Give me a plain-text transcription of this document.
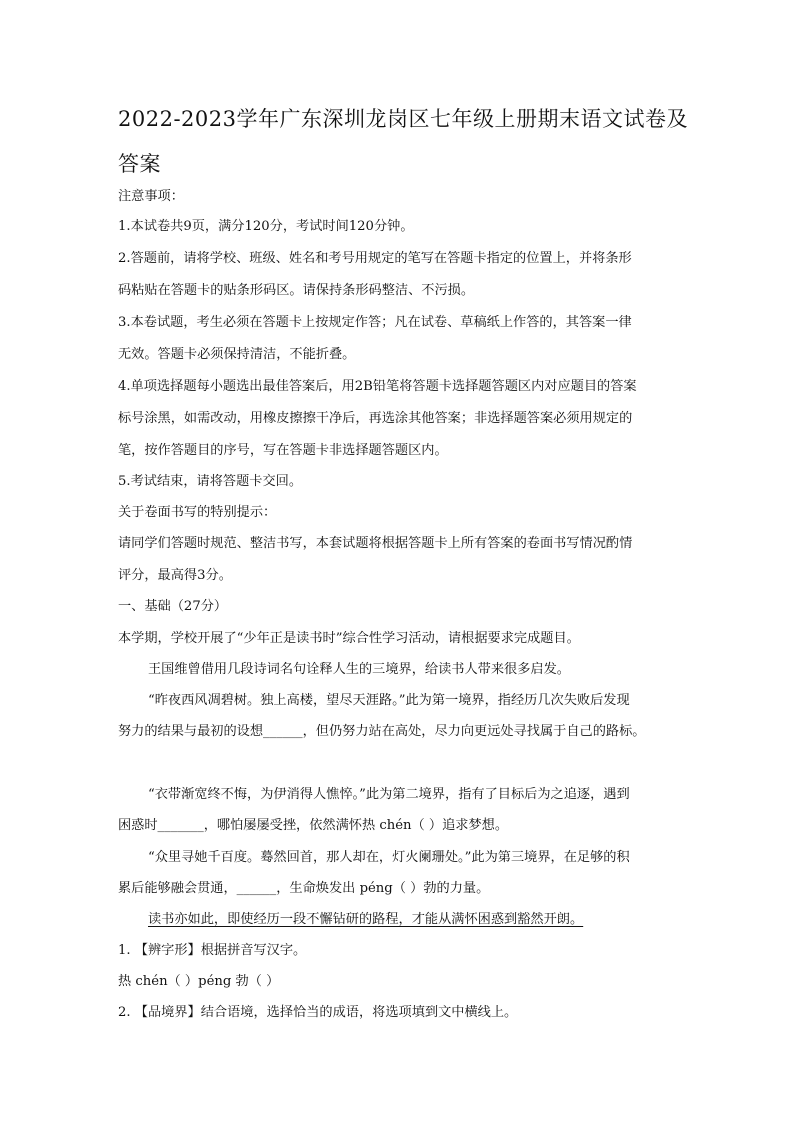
2022-2023学年广东深圳龙岗区七年级上册期末语文试卷及答案
注意事项：
1.本试卷共9页，满分120分，考试时间120分钟。
2.答题前，请将学校、班级、姓名和考号用规定的笔写在答题卡指定的位置上，并将条形
码粘贴在答题卡的贴条形码区。请保持条形码整洁、不污损。
3.本卷试题，考生必须在答题卡上按规定作答；凡在试卷、草稿纸上作答的，其答案一律
无效。答题卡必须保持清洁，不能折叠。
4.单项选择题每小题选出最佳答案后，用2B铅笔将答题卡选择题答题区内对应题目的答案
标号涂黑，如需改动，用橡皮擦擦干净后，再选涂其他答案；非选择题答案必须用规定的
笔，按作答题目的序号，写在答题卡非选择题答题区内。
5.考试结束，请将答题卡交回。
关于卷面书写的特别提示：
请同学们答题时规范、整洁书写，本套试题将根据答题卡上所有答案的卷面书写情况酌情
评分，最高得3分。
一、基础（27分）
本学期，学校开展了“少年正是读书时”综合性学习活动，请根据要求完成题目。
王国维曾借用几段诗词名句诠释人生的三境界，给读书人带来很多启发。
“昨夜西风凋碧树。独上高楼，望尽天涯路。”此为第一境界，指经历几次失败后发现
努力的结果与最初的设想______，但仍努力站在高处，尽力向更远处寻找属于自己的路标。
“衣带渐宽终不悔，为伊消得人憔悴。”此为第二境界，指有了目标后为之追逐，遇到
困惑时_______，哪怕屡屡受挫，依然满怀热 chén（ ）追求梦想。
“众里寻她千百度。蓦然回首，那人却在，灯火阑珊处。”此为第三境界，在足够的积
累后能够融会贯通，______，生命焕发出 péng（ ）勃的力量。
读书亦如此，即使经历一段不懈钻研的路程，才能从满怀困惑到豁然开朗。
1. 【辨字形】根据拼音写汉字。
热 chén（ ）péng 勃（ ）
2. 【品境界】结合语境，选择恰当的成语，将选项填到文中横线上。
